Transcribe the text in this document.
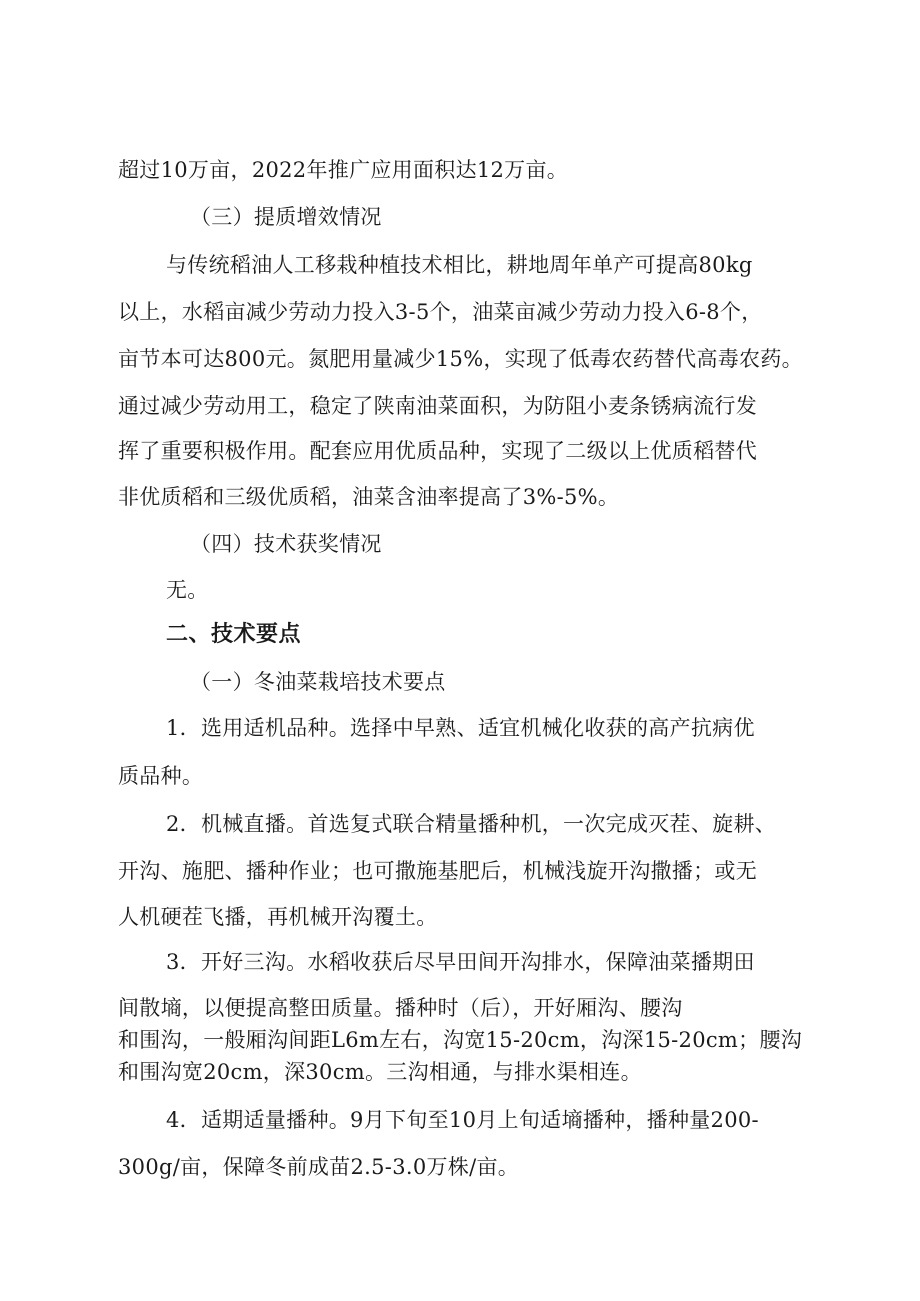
超过10万亩，2022年推广应用面积达12万亩。
（三）提质增效情况
与传统稻油人工移栽种植技术相比，耕地周年单产可提高80kg
以上，水稻亩减少劳动力投入3-5个，油菜亩减少劳动力投入6-8个，
亩节本可达800元。氮肥用量减少15%，实现了低毒农药替代高毒农药。
通过减少劳动用工，稳定了陕南油菜面积，为防阻小麦条锈病流行发
挥了重要积极作用。配套应用优质品种，实现了二级以上优质稻替代
非优质稻和三级优质稻，油菜含油率提高了3%-5%。
（四）技术获奖情况
无。
二、技术要点
（一）冬油菜栽培技术要点
1．选用适机品种。选择中早熟、适宜机械化收获的高产抗病优
质品种。
2．机械直播。首选复式联合精量播种机，一次完成灭茬、旋耕、
开沟、施肥、播种作业；也可撒施基肥后，机械浅旋开沟撒播；或无
人机硬茬飞播，再机械开沟覆土。
3．开好三沟。水稻收获后尽早田间开沟排水，保障油菜播期田
间散墒，以便提高整田质量。播种时（后），开好厢沟、腰沟
和围沟，一般厢沟间距L6m左右，沟宽15-20cm，沟深15-20cm；腰沟
和围沟宽20cm，深30cm。三沟相通，与排水渠相连。
4．适期适量播种。9月下旬至10月上旬适墒播种，播种量200-
300g/亩，保障冬前成苗2.5-3.0万株/亩。
